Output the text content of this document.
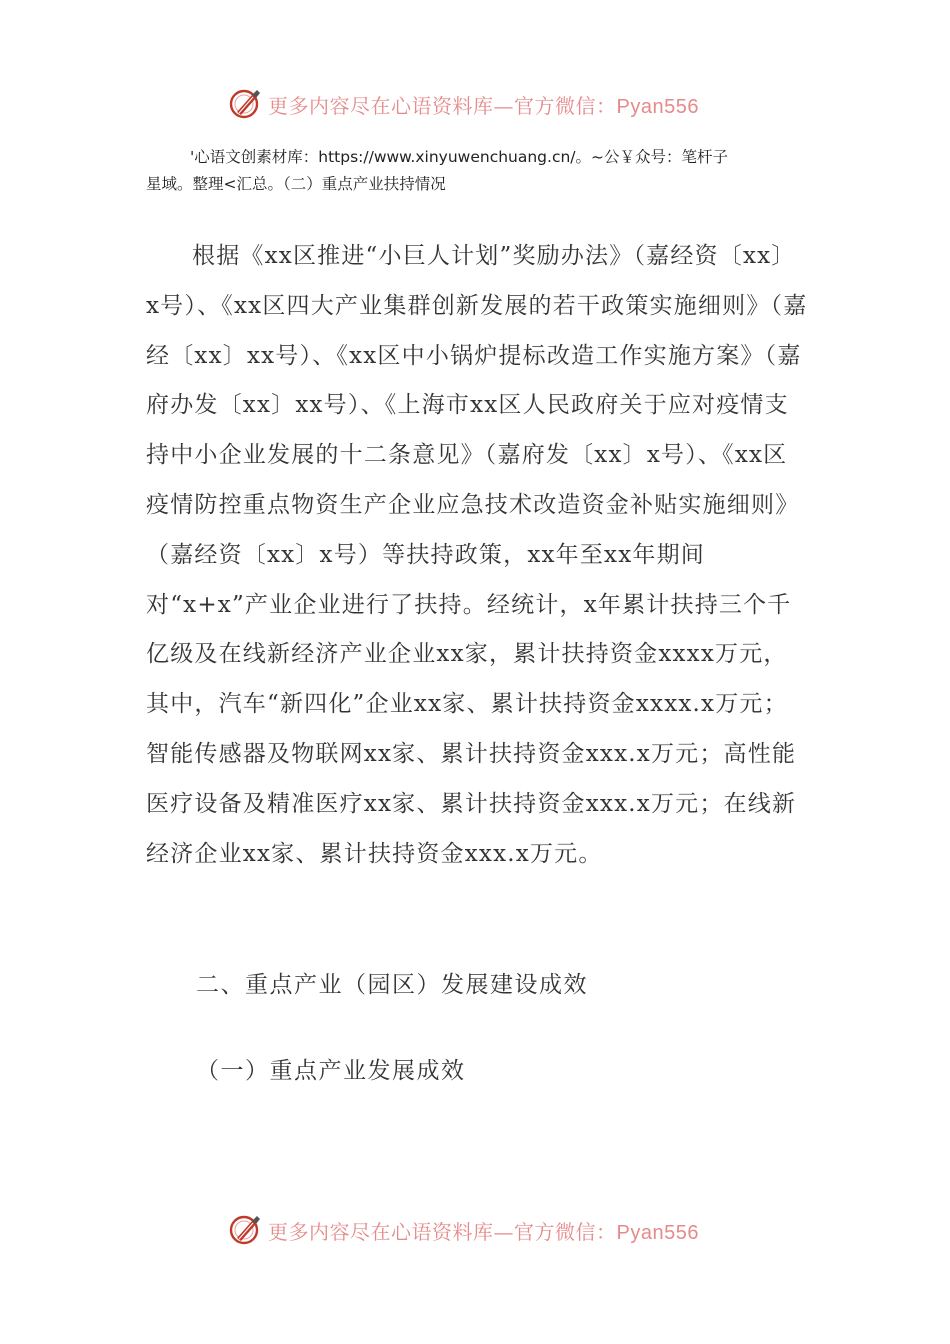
更多内容尽在心语资料库—官方微信：Pyan556
'心语文创素材库：https://www.xinyuwenchuang.cn/。~公￥众号：笔杆子
星域。整理<汇总。（二）重点产业扶持情况

根据《xx区推进“小巨人计划”奖励办法》（嘉经资〔xx〕x号）、《xx区四大产业集群创新发展的若干政策实施细则》（嘉经〔xx〕xx号）、《xx区中小锅炉提标改造工作实施方案》（嘉府办发〔xx〕xx号）、《上海市xx区人民政府关于应对疫情支持中小企业发展的十二条意见》（嘉府发〔xx〕x号）、《xx区疫情防控重点物资生产企业应急技术改造资金补贴实施细则》（嘉经资〔xx〕x号）等扶持政策，xx年至xx年期间对“x+x”产业企业进行了扶持。经统计，x年累计扶持三个千亿级及在线新经济产业企业xx家，累计扶持资金xxxx万元，其中，汽车“新四化”企业xx家、累计扶持资金xxxx.x万元；智能传感器及物联网xx家、累计扶持资金xxx.x万元；高性能医疗设备及精准医疗xx家、累计扶持资金xxx.x万元；在线新经济企业xx家、累计扶持资金xxx.x万元。

二、重点产业（园区）发展建设成效
（一）重点产业发展成效
更多内容尽在心语资料库—官方微信：Pyan556
